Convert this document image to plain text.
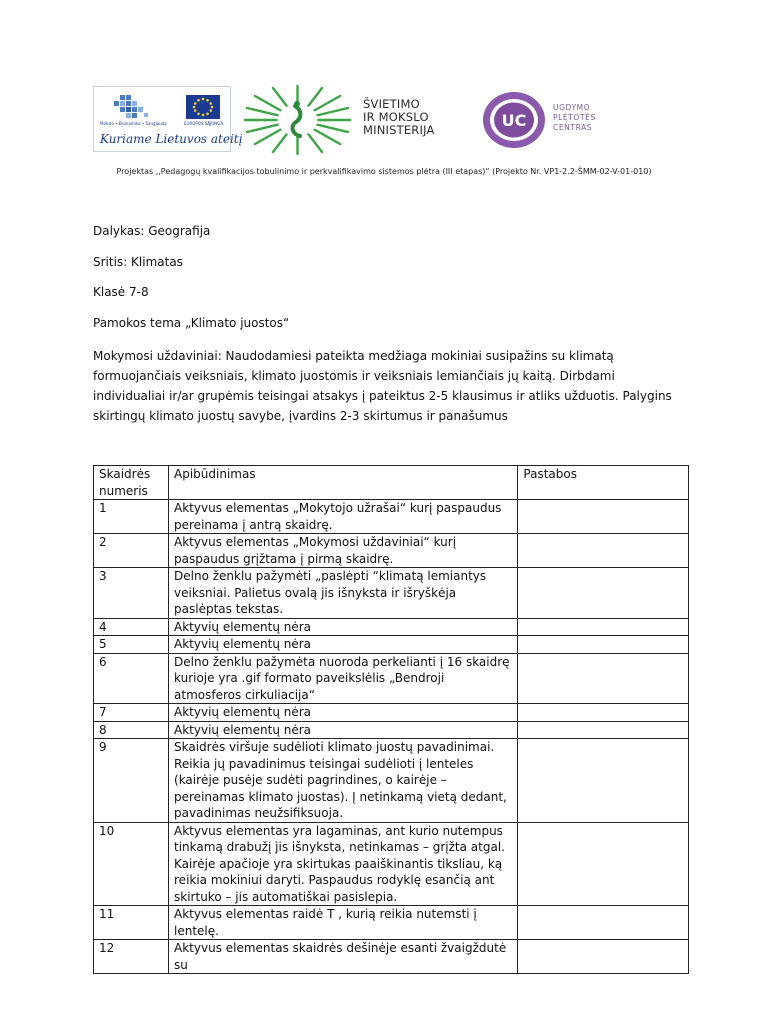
Mokslo • Ekonomika • Sanglauda	EUROPOS SĄJUNGA
Kuriame Lietuvos ateitį
ŠVIETIMO
IR MOKSLO
MINISTERIJA	UC
UGDYMO
PLĖTOTĖS
CENTRAS
Projektas ,,Pedagogų kvalifikacijos tobulinimo ir perkvalifikavimo sistemos plėtra (III etapas)“ (Projekto Nr. VP1-2.2-ŠMM-02-V-01-010)
Dalykas: Geografija
Sritis: Klimatas
Klasė 7-8
Pamokos tema „Klimato juostos“
Mokymosi uždaviniai: Naudodamiesi pateikta medžiaga mokiniai susipažins su klimatą formuojančiais veiksniais, klimato juostomis ir veiksniais lemiančiais jų kaitą. Dirbdami individualiai ir/ar grupėmis teisingai atsakys į pateiktus 2-5 klausimus ir atliks užduotis. Palygins skirtingų klimato juostų savybe, įvardins 2-3 skirtumus ir panašumus
Skaidrės numeris	Apibūdinimas	Pastabos
1	Aktyvus elementas „Mokytojo užrašai“ kurį paspaudus pereinama į antrą skaidrę.	
2	Aktyvus elementas „Mokymosi uždaviniai“ kurį paspaudus grįžtama į pirmą skaidrę.	
3	Delno ženklu pažymėti „paslėpti “klimatą lemiantys veiksniai. Palietus ovalą jis išnyksta ir išryškėja paslėptas tekstas.	
4	Aktyvių elementų nėra	
5	Aktyvių elementų nėra	
6	Delno ženklu pažymėta nuoroda perkelianti į 16 skaidrę kurioje yra .gif formato paveikslėlis „Bendroji atmosferos cirkuliacija“	
7	Aktyvių elementų nėra	
8	Aktyvių elementų nėra	
9	Skaidrės viršuje sudėlioti klimato juostų pavadinimai. Reikia jų pavadinimus teisingai sudėlioti į lenteles (kairėje pusėje sudėti pagrindines, o kairėje – pereinamas klimato juostas). Į netinkamą vietą dedant, pavadinimas neužsifiksuoja.	
10	Aktyvus elementas yra lagaminas, ant kurio nutempus tinkamą drabužį jis išnyksta, netinkamas – grįžta atgal. Kairėje apačioje yra skirtukas paaiškinantis tiksliau, ką reikia mokiniui daryti. Paspaudus rodyklę esančią ant skirtuko – jis automatiškai pasislepia.	
11	Aktyvus elementas raidė T , kurią reikia nutemsti į lentelę.	
12	Aktyvus elementas skaidrės dešinėje esanti žvaigždutė su	
